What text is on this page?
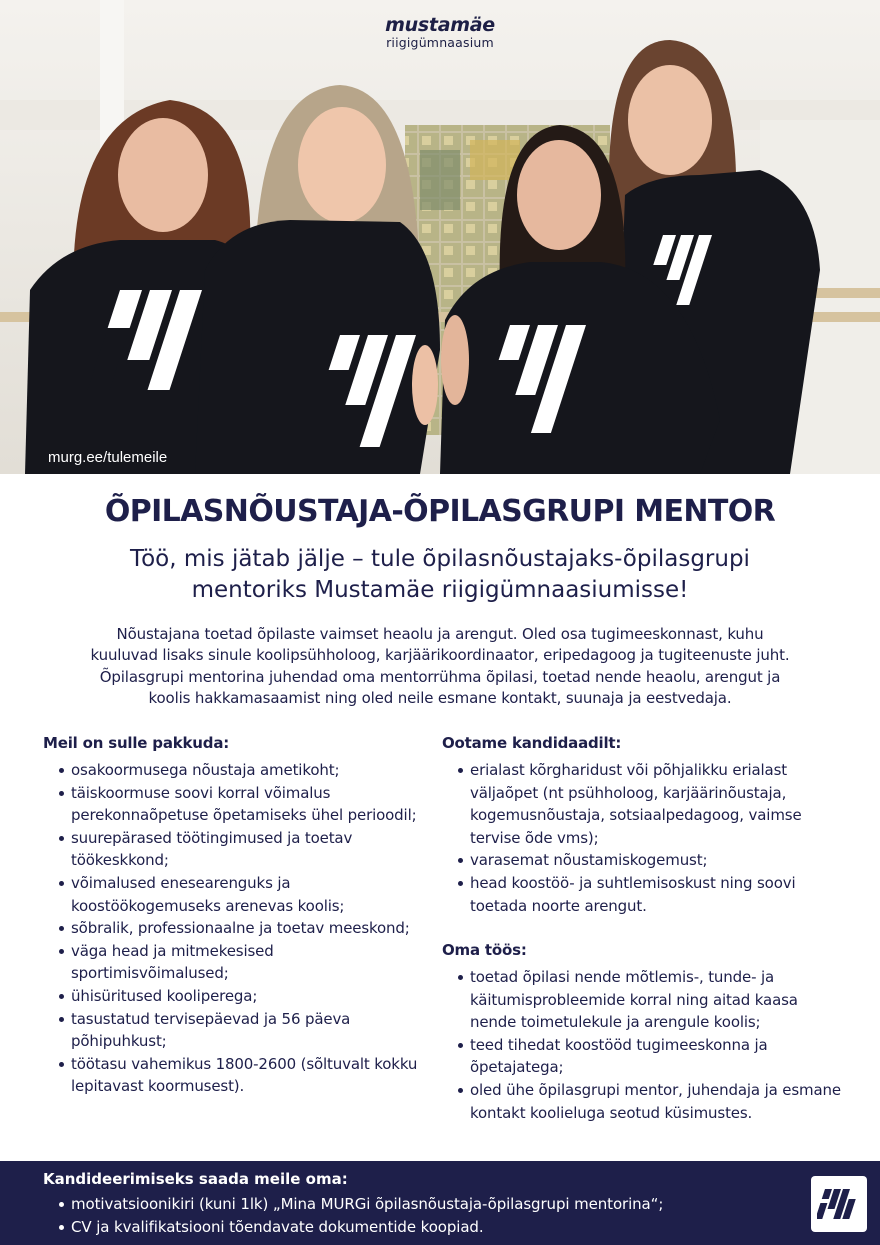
mustamäe
riigigümnaasium
murg.ee/tulemeile
ÕPILASNÕUSTAJA-ÕPILASGRUPI MENTOR
Töö, mis jätab jälje – tule õpilasnõustajaks-õpilasgrupi
mentoriks Mustamäe riigigümnaasiumisse!
Nõustajana toetad õpilaste vaimset heaolu ja arengut. Oled osa tugimeeskonnast, kuhu
kuuluvad lisaks sinule koolipsühholoog, karjäärikoordinaator, eripedagoog ja tugiteenuste juht.
Õpilasgrupi mentorina juhendad oma mentorrühma õpilasi, toetad nende heaolu, arengut ja
koolis hakkamasaamist ning oled neile esmane kontakt, suunaja ja eestvedaja.
Meil on sulle pakkuda:
osakoormusega nõustaja ametikoht;
täiskoormuse soovi korral võimalus perekonnaõpetuse õpetamiseks ühel perioodil;
suurepärased töötingimused ja toetav töökeskkond;
võimalused enesearenguks ja koostöökogemuseks arenevas koolis;
sõbralik, professionaalne ja toetav meeskond;
väga head ja mitmekesised sportimisvõimalused;
ühisüritused kooliperega;
tasustatud tervisepäevad ja 56 päeva põhipuhkust;
töötasu vahemikus 1800-2600 (sõltuvalt kokku lepitavast koormusest).
Ootame kandidaadilt:
erialast kõrgharidust või põhjalikku erialast väljaõpet (nt psühholoog, karjäärinõustaja, kogemusnõustaja, sotsiaalpedagoog, vaimse tervise õde vms);
varasemat nõustamiskogemust;
head koostöö- ja suhtlemisoskust ning soovi toetada noorte arengut.
Oma töös:
toetad õpilasi nende mõtlemis-, tunde- ja käitumisprobleemide korral ning aitad kaasa nende toimetulekule ja arengule koolis;
teed tihedat koostööd tugimeeskonna ja õpetajatega;
oled ühe õpilasgrupi mentor, juhendaja ja esmane kontakt koolieluga seotud küsimustes.
Kandideerimiseks saada meile oma:
motivatsioonikiri (kuni 1lk) „Mina MURGi õpilasnõustaja-õpilasgrupi mentorina“;
CV ja kvalifikatsiooni tõendavate dokumentide koopiad.
